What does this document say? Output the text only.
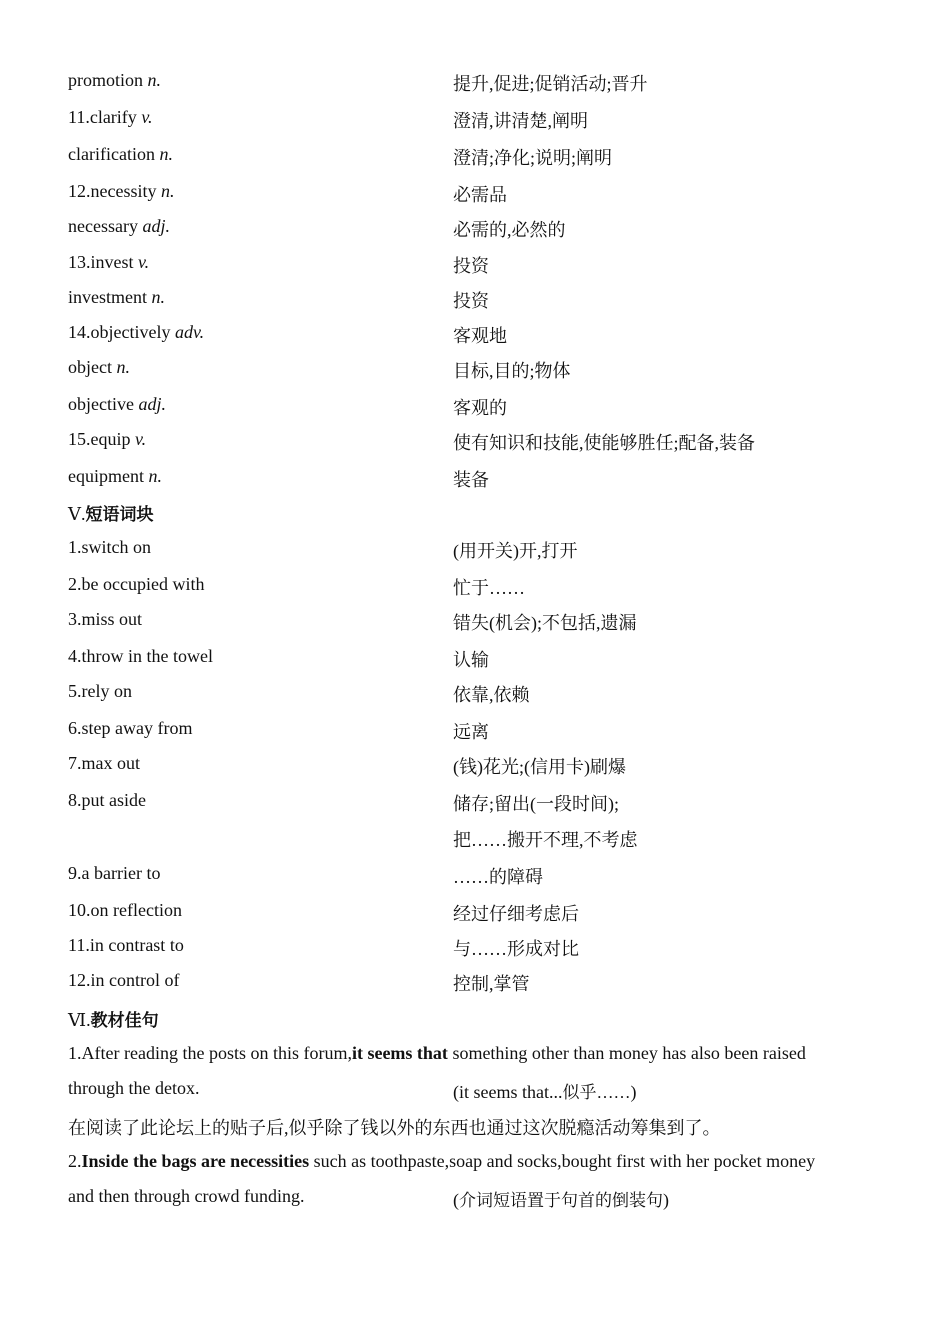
promotion n.	提升,促进;促销活动;晋升
11.clarify v.	澄清,讲清楚,阐明
clarification n.	澄清;净化;说明;阐明
12.necessity n.	必需品
necessary adj.	必需的,必然的
13.invest v.	投资
investment n.	投资
14.objectively adv.	客观地
object n.	目标,目的;物体
objective adj.	客观的
15.equip v.	使有知识和技能,使能够胜任;配备,装备
equipment n.	装备
Ⅴ.短语词块
1.switch on	(用开关)开,打开
2.be occupied with	忙于……
3.miss out	错失(机会);不包括,遗漏
4.throw in the towel	认输
5.rely on	依靠,依赖
6.step away from	远离
7.max out	(钱)花光;(信用卡)刷爆
8.put aside	储存;留出(一段时间);
把……搬开不理,不考虑
9.a barrier to	……的障碍
10.on reflection	经过仔细考虑后
11.in contrast to	与……形成对比
12.in control of	控制,掌管
Ⅵ.教材佳句
1.After reading the posts on this forum,it seems that something other than money has also been raised
through the detox.	(it seems that...似乎……)
在阅读了此论坛上的贴子后,似乎除了钱以外的东西也通过这次脱瘾活动筹集到了。
2.Inside the bags are necessities such as toothpaste,soap and socks,bought first with her pocket money
and then through crowd funding.	(介词短语置于句首的倒装句)
